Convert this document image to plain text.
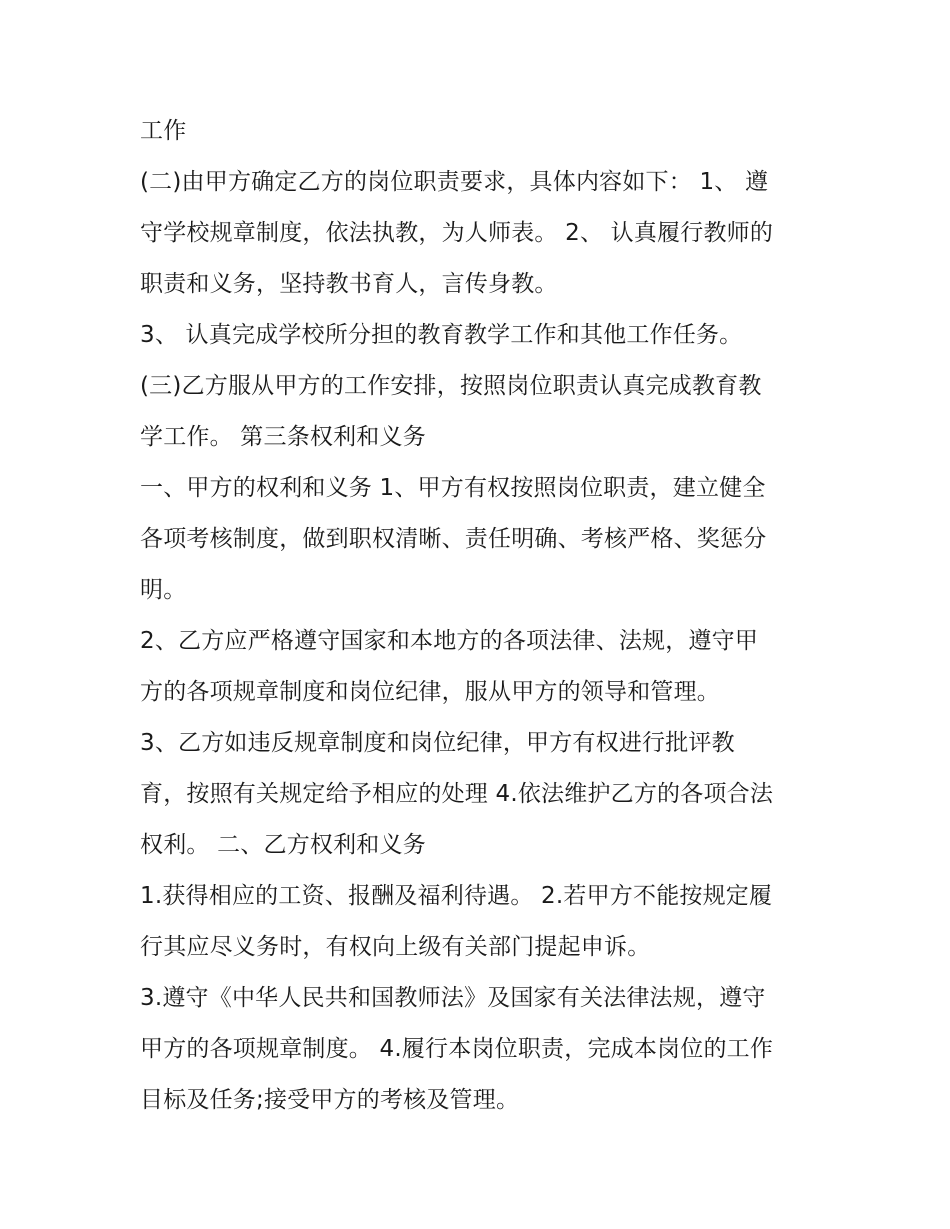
工作
(二)由甲方确定乙方的岗位职责要求，具体内容如下： 1、 遵
守学校规章制度，依法执教，为人师表。 2、 认真履行教师的
职责和义务，坚持教书育人，言传身教。
3、 认真完成学校所分担的教育教学工作和其他工作任务。
(三)乙方服从甲方的工作安排，按照岗位职责认真完成教育教
学工作。 第三条权利和义务
一、甲方的权利和义务 1、甲方有权按照岗位职责，建立健全
各项考核制度，做到职权清晰、责任明确、考核严格、奖惩分
明。
2、乙方应严格遵守国家和本地方的各项法律、法规，遵守甲
方的各项规章制度和岗位纪律，服从甲方的领导和管理。
3、乙方如违反规章制度和岗位纪律，甲方有权进行批评教
育，按照有关规定给予相应的处理 4.依法维护乙方的各项合法
权利。 二、乙方权利和义务
1.获得相应的工资、报酬及福利待遇。 2.若甲方不能按规定履
行其应尽义务时，有权向上级有关部门提起申诉。
3.遵守《中华人民共和国教师法》及国家有关法律法规，遵守
甲方的各项规章制度。 4.履行本岗位职责，完成本岗位的工作
目标及任务;接受甲方的考核及管理。
